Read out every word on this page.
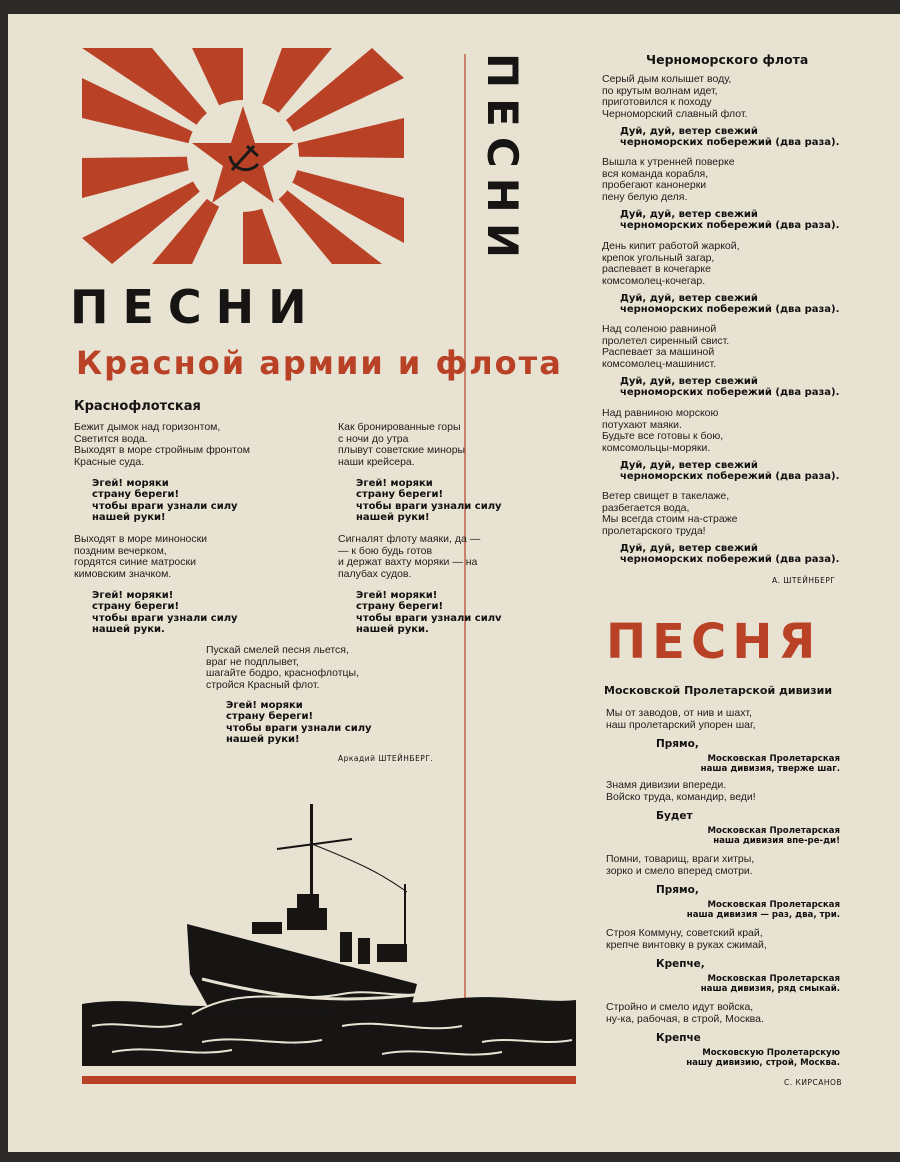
ПЕСНИ
ПЕСНИ
Красной армии и флота
Краснофлотская
Бежит дымок над горизонтом,
Светится вода.
Выходят в море стройным фронтом
Красные суда.
Эгей! моряки
страну береги!
чтобы враги узнали силу
нашей руки!
Выходят в море миноноски
поздним вечерком,
гордятся синие матроски
кимовским значком.
Эгей! моряки!
страну береги!
чтобы враги узнали силу
нашей руки.
Как бронированные горы
с ночи до утра
плывут советские миноры
наши крейсера.
Эгей! моряки
страну береги!
чтобы враги узнали силу
нашей руки!
Сигналят флоту маяки, да —
— к бою будь готов
и держат вахту моряки — на
палубах судов.
Эгей! моряки!
страну береги!
чтобы враги узнали силv
нашей руки.
Пускай смелей песня льется,
враг не подплывет,
шагайте бодро, краснофлотцы,
стройся Красный флот.
Эгей! моряки
страну береги!
чтобы враги узнали силу
нашей руки!
Аркадий ШТЕЙНБЕРГ.
Черноморского флота
Серый дым колышет воду,
по крутым волнам идет,
приготовился к походу
Черноморский славный флот.
Дуй, дуй, ветер свежий
черноморских побережий (два раза).
Вышла к утренней поверке
вся команда корабля,
пробегают канонерки
пену белую деля.
Дуй, дуй, ветер свежий
черноморских побережий (два раза).
День кипит работой жаркой,
крепок угольный загар,
распевает в кочегарке
комсомолец-кочегар.
Дуй, дуй, ветер свежий
черноморских побережий (два раза).
Над соленою равниной
пролетел сиренный свист.
Распевает за машиной
комсомолец-машинист.
Дуй, дуй, ветер свежий
черноморских побережий (два раза).
Над равниною морскою
потухают маяки.
Будьте все готовы к бою,
комсомольцы-моряки.
Дуй, дуй, ветер свежий
черноморских побережий (два раза).
Ветер свищет в такелаже,
разбегается вода,
Мы всегда стоим на-страже
пролетарского труда!
Дуй, дуй, ветер свежий
черноморских побережий (два раза).
А. ШТЕЙНБЕРГ
ПЕСНЯ
Московской Пролетарской дивизии
Мы от заводов, от нив и шахт,
наш пролетарский упорен шаг,
Прямо,
Московская Пролетарская
наша дивизия, тверже шаг.
Знамя дивизии впереди.
Войско труда, командир, веди!
Будет
Московская Пролетарская
наша дивизия впе-ре-ди!
Помни, товарищ, враги хитры,
зорко и смело вперед смотри.
Прямо,
Московская Пролетарская
наша дивизия — раз, два, три.
Строя Коммуну, советский край,
крепче винтовку в руках сжимай,
Крепче,
Московская Пролетарская
наша дивизия, ряд смыкай.
Стройно и смело идут войска,
ну-ка, рабочая, в строй, Москва.
Крепче
Московскую Пролетарскую
нашу дивизию, строй, Москва.
С. КИРСАНОВ
